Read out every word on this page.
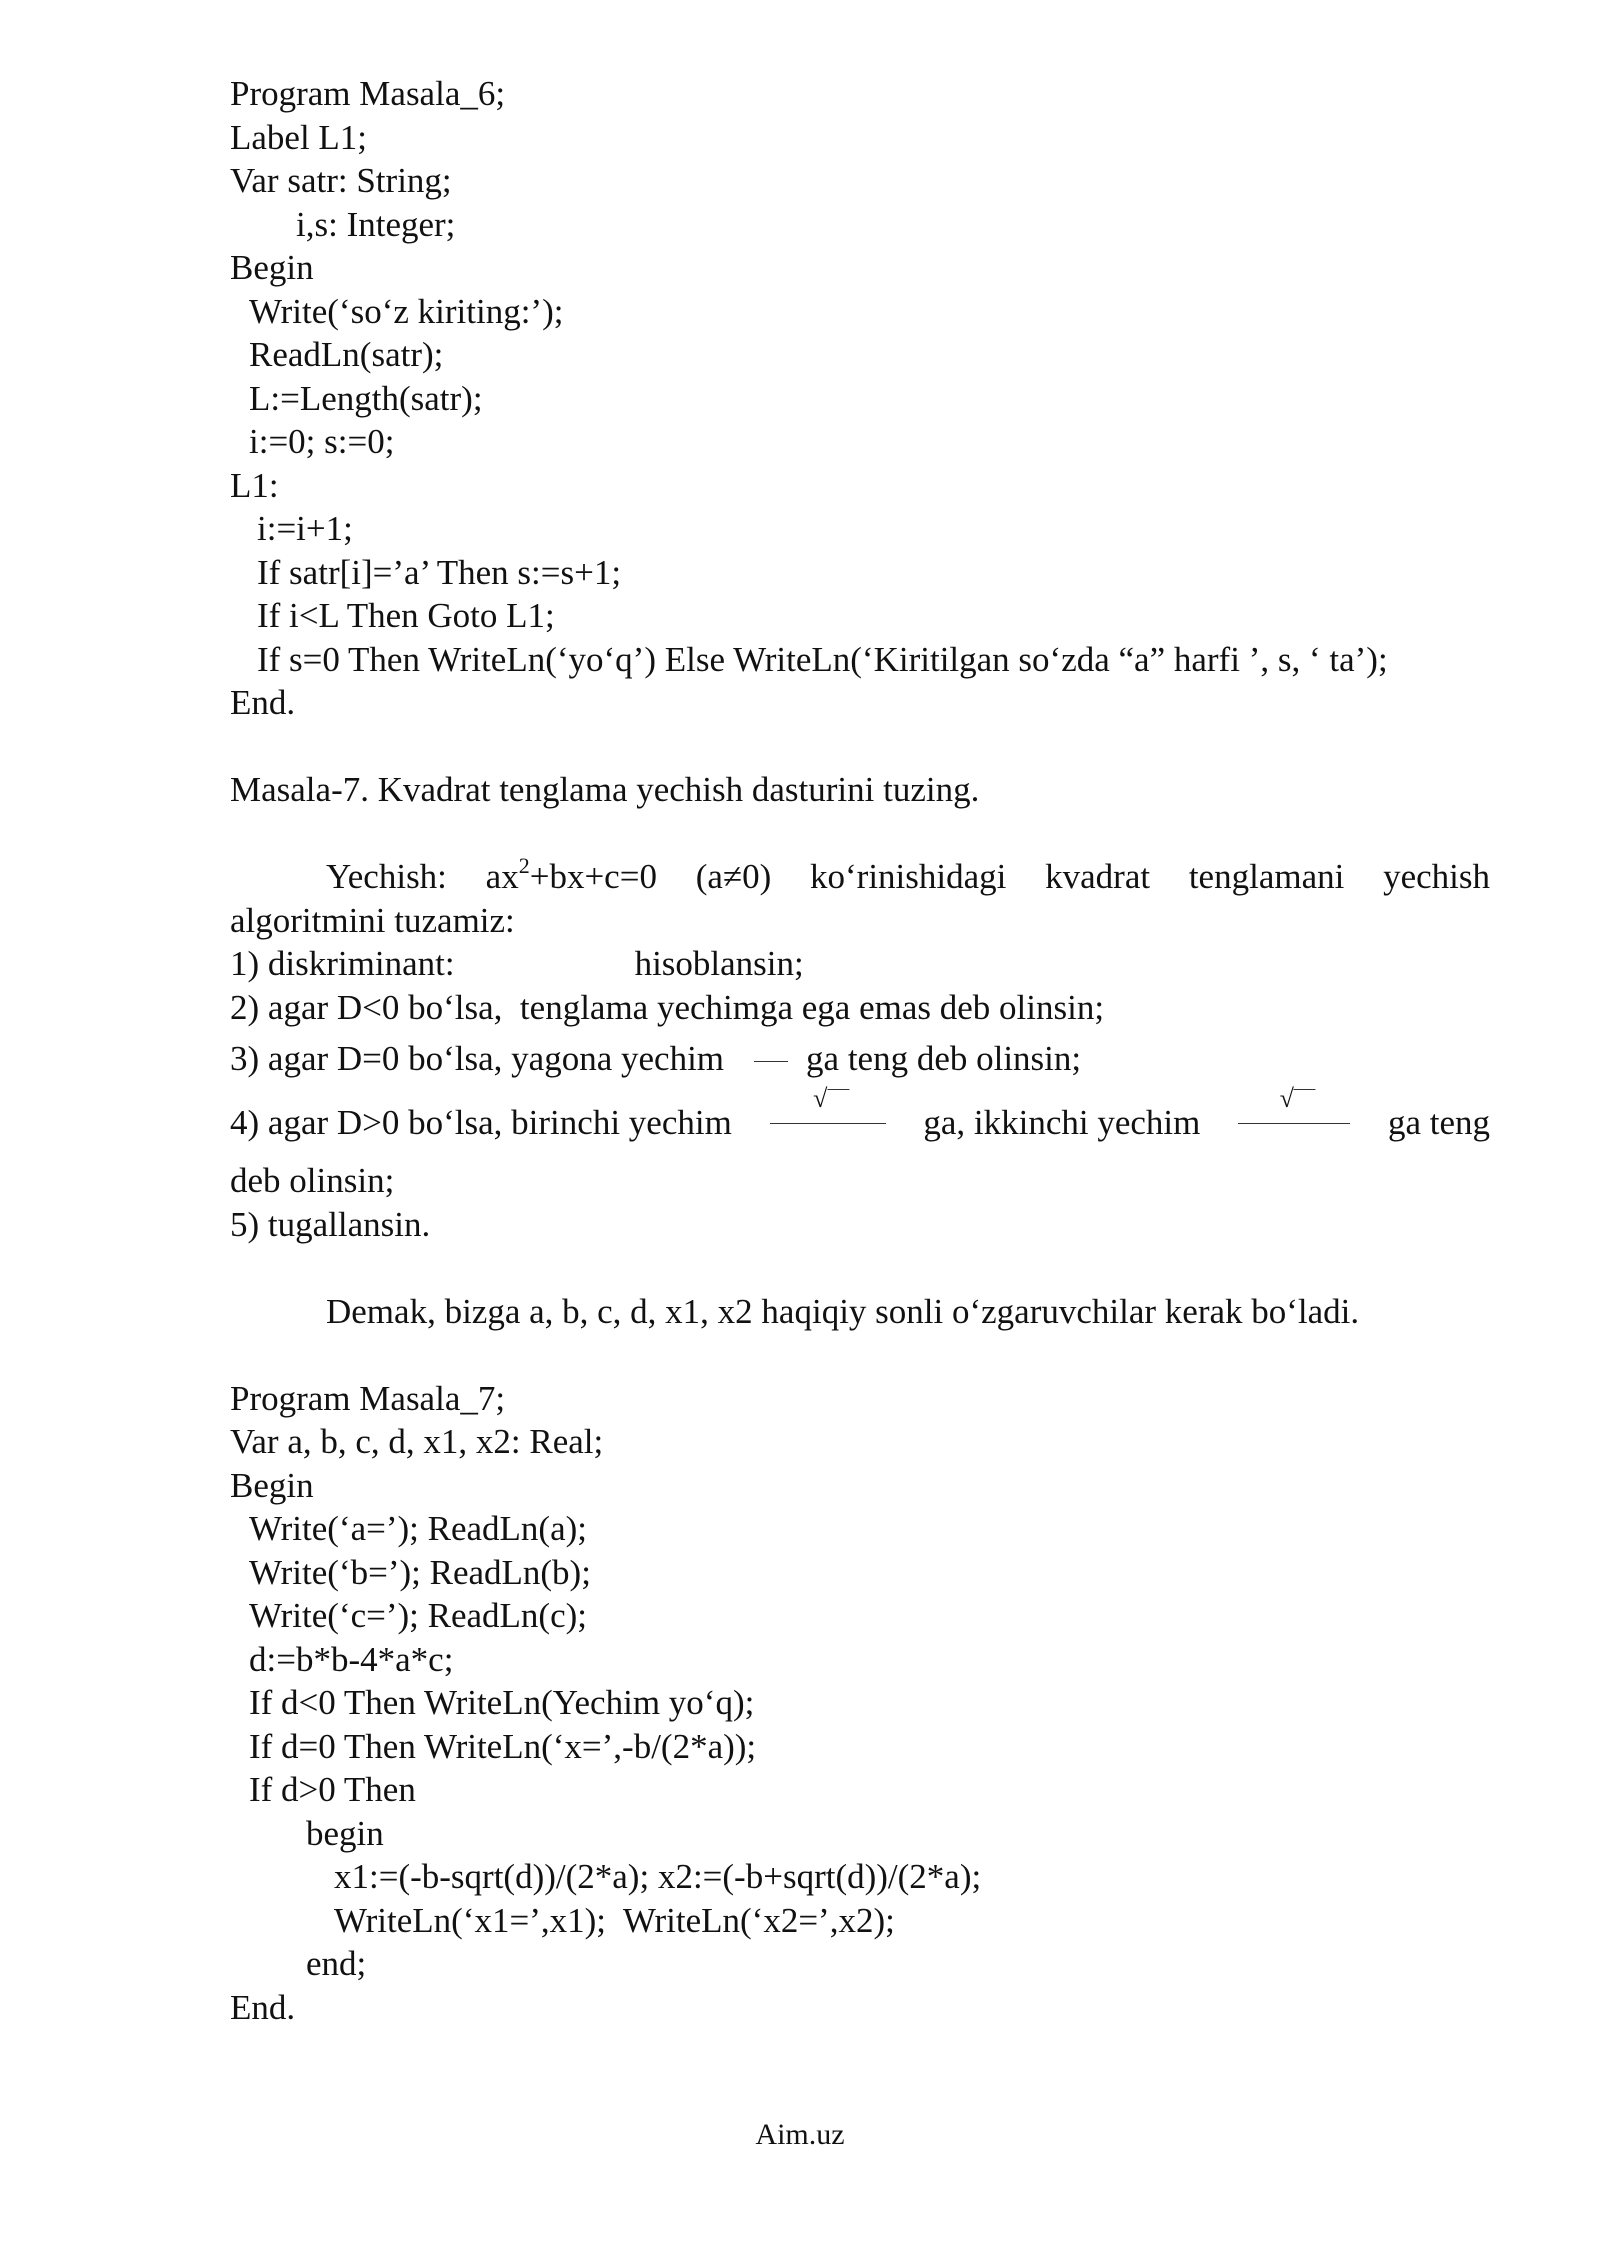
Program Masala_6;
Label L1;
Var satr: String;
i,s: Integer;
Begin
Write(‘so‘z kiriting:’);
ReadLn(satr);
L:=Length(satr);
i:=0; s:=0;
L1:
i:=i+1;
If satr[i]=’a’ Then s:=s+1;
If i<L Then Goto L1;
If s=0 Then WriteLn(‘yo‘q’) Else WriteLn(‘Kiritilgan so‘zda “a” harfi ’, s, ‘ ta’);
End.
Masala-7. Kvadrat tenglama yechish dasturini tuzing.
Yechish: $ax^2+bx+c=0$ (a≠0) ko‘rinishidagi kvadrat tenglamani yechish
algoritmini tuzamiz:
1) diskriminant:	hisoblansin;
2) agar D<0 bo‘lsa,  tenglama yechimga ega emas deb olinsin;
3) agar D=0 bo‘lsa, yagona yechim ga teng deb olinsin;
4) agar D>0 bo‘lsa, birinchi yechim
√
ga, ikkinchi yechim
√
ga teng
deb olinsin;
5) tugallansin.
Demak, bizga a, b, c, d, x1, x2 haqiqiy sonli o‘zgaruvchilar kerak bo‘ladi.
Program Masala_7;
Var a, b, c, d, x1, x2: Real;
Begin
Write(‘a=’); ReadLn(a);
Write(‘b=’); ReadLn(b);
Write(‘c=’); ReadLn(c);
d:=b*b-4*a*c;
If d<0 Then WriteLn(Yechim yo‘q);
If d=0 Then WriteLn(‘x=’,-b/(2*a));
If d>0 Then
begin
x1:=(-b-sqrt(d))/(2*a); x2:=(-b+sqrt(d))/(2*a);
WriteLn(‘x1=’,x1);  WriteLn(‘x2=’,x2);
end;
End.
Aim.uz
